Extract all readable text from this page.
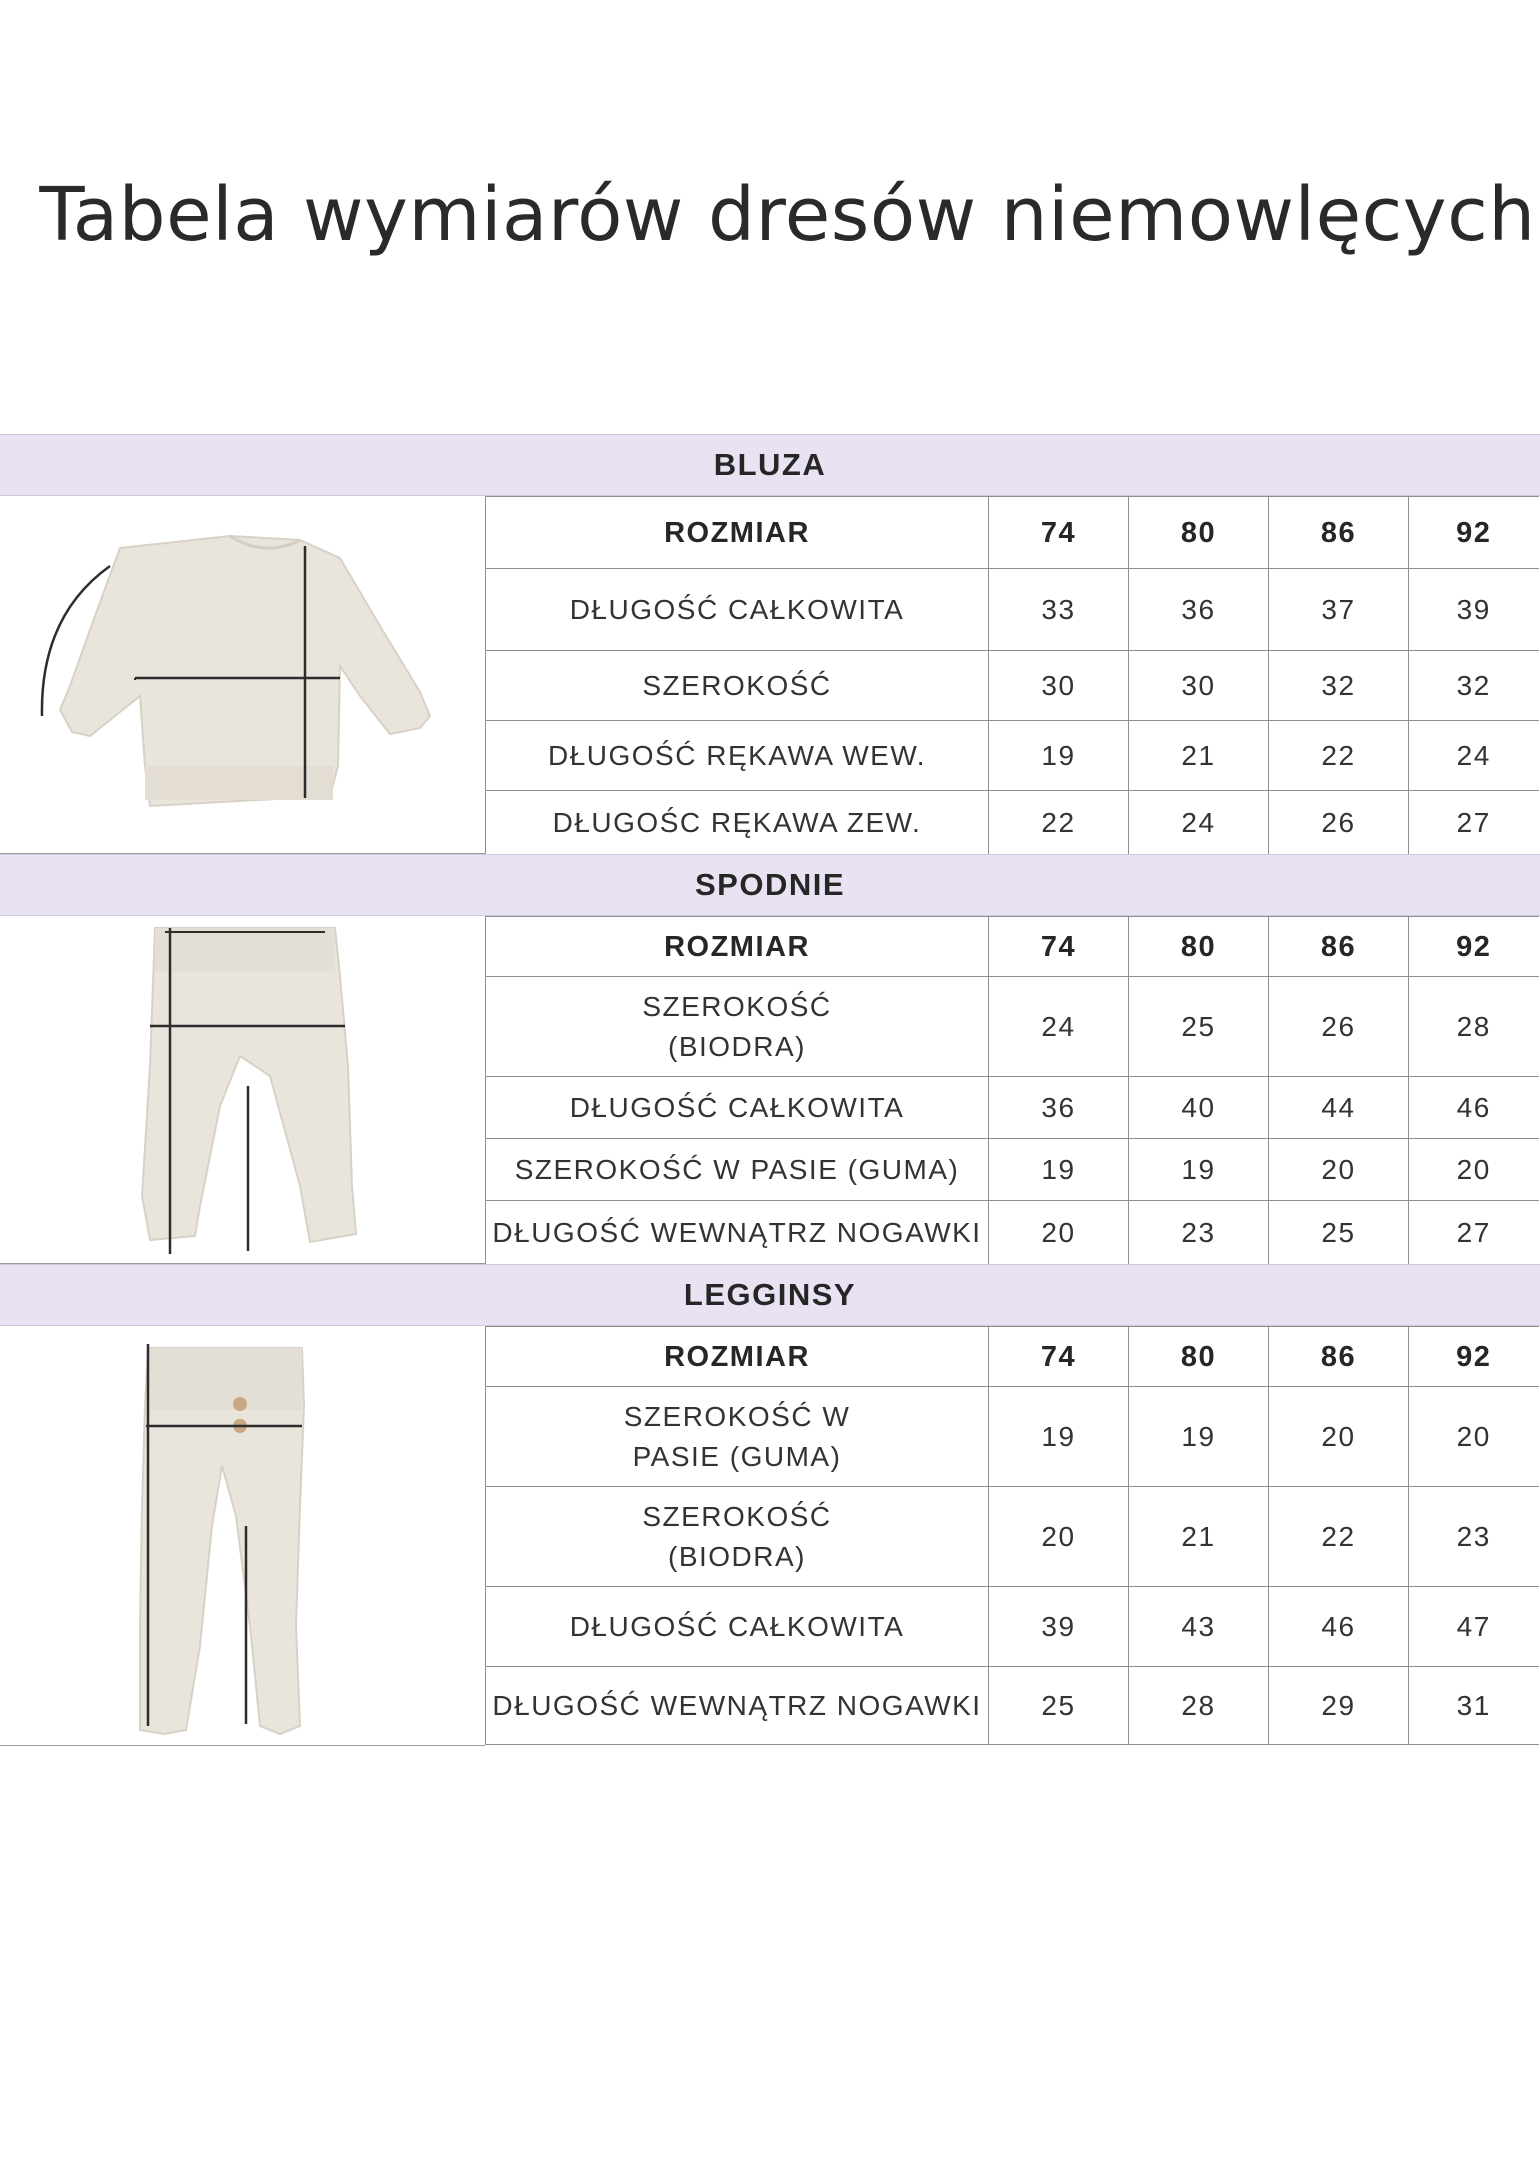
Tabela wymiarów dresów niemowlęcych
BLUZA
ROZMIAR	74	80	86	92
DŁUGOŚĆ CAŁKOWITA	33	36	37	39
SZEROKOŚĆ	30	30	32	32
DŁUGOŚĆ RĘKAWA WEW.	19	21	22	24
DŁUGOŚC RĘKAWA ZEW.	22	24	26	27
SPODNIE
ROZMIAR	74	80	86	92

SZEROKOŚĆ (BIODRA)	24	25	26	28
DŁUGOŚĆ CAŁKOWITA	36	40	44	46
SZEROKOŚĆ W PASIE (GUMA)	19	19	20	20
DŁUGOŚĆ WEWNĄTRZ NOGAWKI	20	23	25	27
LEGGINSY
ROZMIAR	74	80	86	92

SZEROKOŚĆ W PASIE (GUMA)	19	19	20	20

SZEROKOŚĆ (BIODRA)	20	21	22	23
DŁUGOŚĆ CAŁKOWITA	39	43	46	47
DŁUGOŚĆ WEWNĄTRZ NOGAWKI	25	28	29	31
